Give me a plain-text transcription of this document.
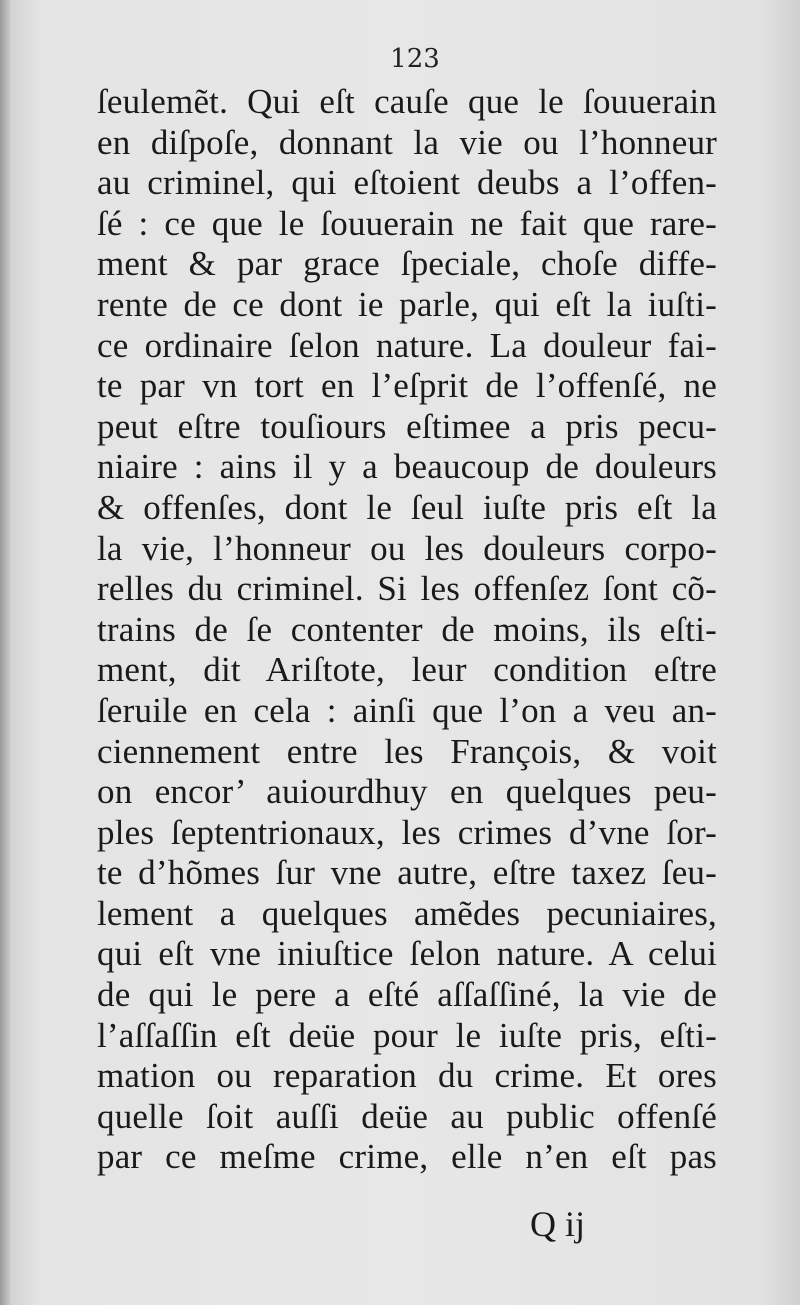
123
ſeulemẽt. Qui eſt cauſe que le ſouuerain
en diſpoſe, donnant la vie ou l’honneur
au criminel, qui eſtoient deubs a l’offen-
ſé : ce que le ſouuerain ne fait que rare-
ment & par grace ſpeciale, choſe diffe-
rente de ce dont ie parle, qui eſt la iuſti-
ce ordinaire ſelon nature. La douleur fai-
te par vn tort en l’eſprit de l’offenſé, ne
peut eſtre touſiours eſtimee a pris pecu-
niaire : ains il y a beaucoup de douleurs
& offenſes, dont le ſeul iuſte pris eſt la
la vie, l’honneur ou les douleurs corpo-
relles du criminel. Si les offenſez ſont cõ-
trains de ſe contenter de moins, ils eſti-
ment, dit Ariſtote, leur condition eſtre
ſeruile en cela : ainſi que l’on a veu an-
ciennement entre les François, & voit
on encor’ auiourdhuy en quelques peu-
ples ſeptentrionaux, les crimes d’vne ſor-
te d’hõmes ſur vne autre, eſtre taxez ſeu-
lement a quelques amẽdes pecuniaires,
qui eſt vne iniuſtice ſelon nature. A celui
de qui le pere a eſté aſſaſſiné, la vie de
l’aſſaſſin eſt deüe pour le iuſte pris, eſti-
mation ou reparation du crime. Et ores
quelle ſoit auſſi deüe au public offenſé
par ce meſme crime, elle n’en eſt pas
Q ij
